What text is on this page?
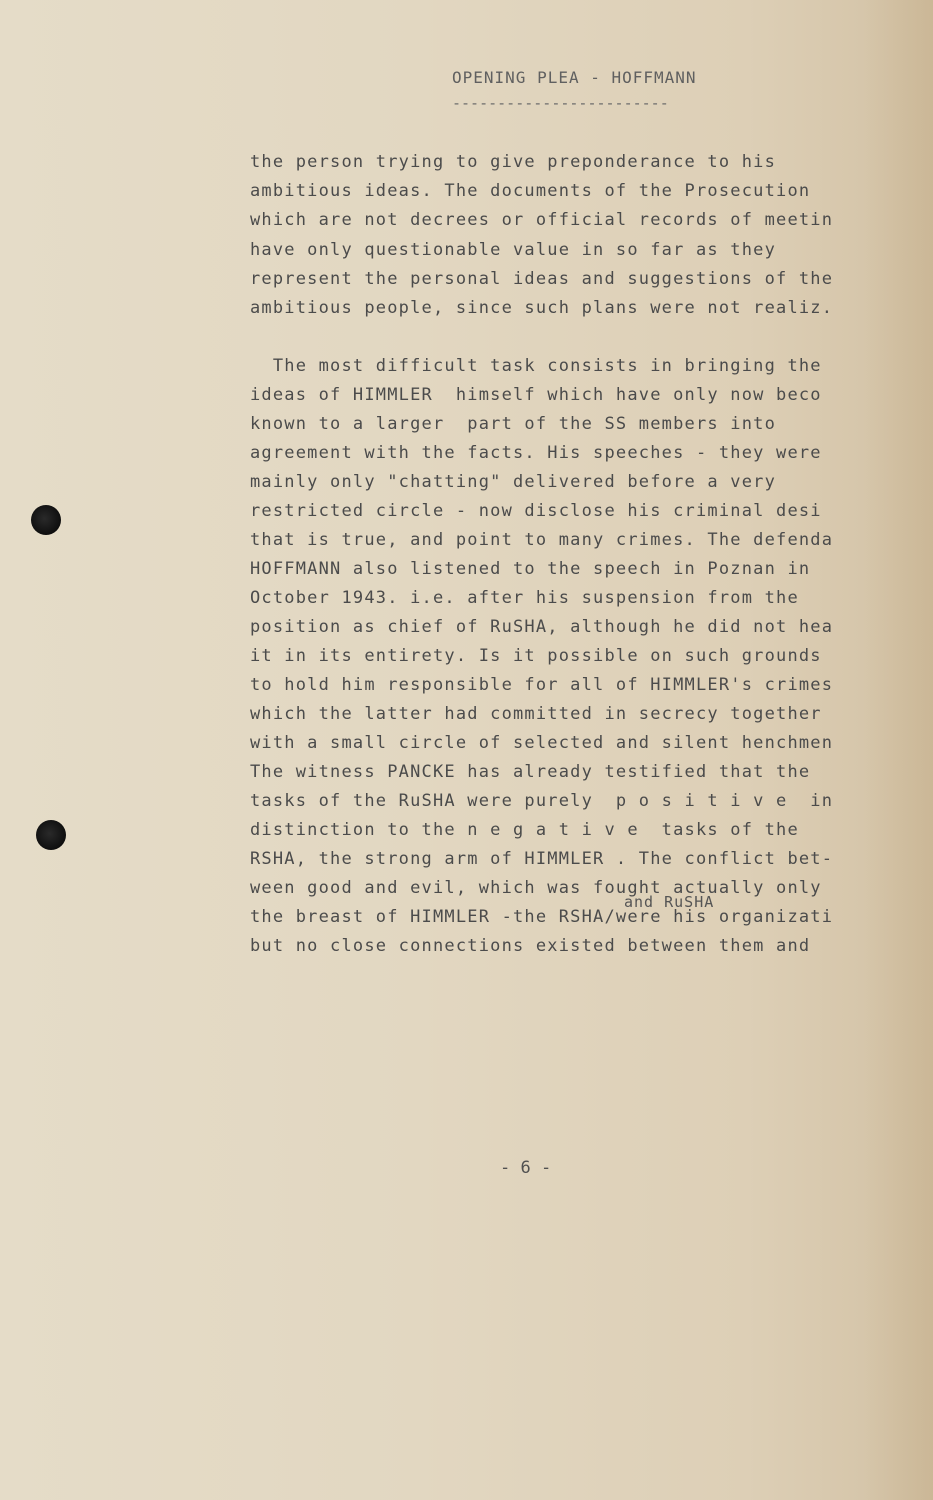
OPENING PLEA - HOFFMANN
------------------------
the person trying to give preponderance to his
ambitious ideas. The documents of the Prosecution
which are not decrees or official records of meetin
have only questionable value in so far as they
represent the personal ideas and suggestions of the
ambitious people, since such plans were not realiz.
The most difficult task consists in bringing the
ideas of HIMMLER  himself which have only now beco
known to a larger  part of the SS members into
agreement with the facts. His speeches - they were
mainly only "chatting" delivered before a very
restricted circle - now disclose his criminal desi
that is true, and point to many crimes. The defenda
HOFFMANN also listened to the speech in Poznan in
October 1943. i.e. after his suspension from the
position as chief of RuSHA, although he did not hea
it in its entirety. Is it possible on such grounds
to hold him responsible for all of HIMMLER's crimes
which the latter had committed in secrecy together
with a small circle of selected and silent henchmen
The witness PANCKE has already testified that the
tasks of the RuSHA were purely  p o s i t i v e  in
distinction to the n e g a t i v e  tasks of the
RSHA, the strong arm of HIMMLER . The conflict bet-
ween good and evil, which was fought actually only
the breast of HIMMLER -the RSHA/were his organizati
but no close connections existed between them and
and RuSHA
- 6 -
